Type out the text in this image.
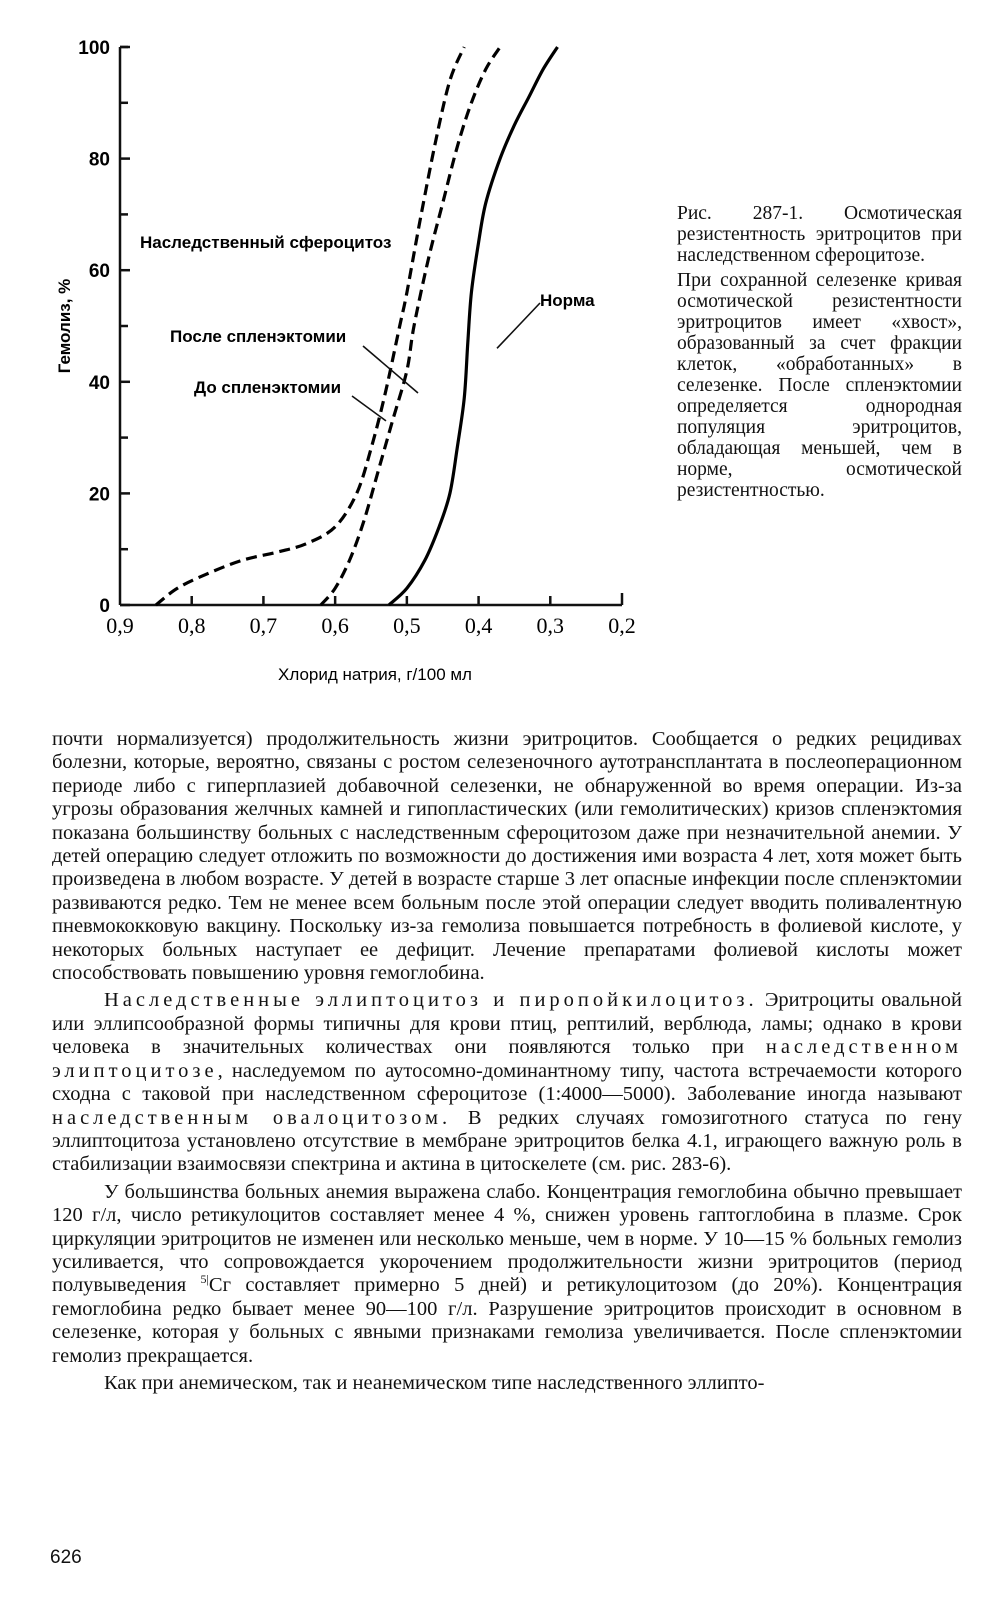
0
20
40
60
80
100
0,9 0,8 0,7 0,6 0,5 0,4 0,3 0,2
Наследственный сфероцитоз
После спленэктомии
До спленэктомии
Норма
Гемолиз, %
Хлорид натрия, г/100 мл

Рис. 287-1. Осмотическая резистентность эритроцитов при наследственном сфероцитозе.

При сохранной селезенке кривая осмотической резистентности эритроцитов имеет «хвост», образованный за счет фракции клеток, «обработанных» в селезенке. После спленэктомии определяется однородная популяция эритроцитов, обладающая меньшей, чем в норме, осмотической резистентностью.

почти нормализуется) продолжительность жизни эритроцитов. Сообщается о редких рецидивах болезни, которые, вероятно, связаны с ростом селезеночного аутотрансплантата в послеоперационном периоде либо с гиперплазией добавочной селезенки, не обнаруженной во время операции. Из-за угрозы образования желчных камней и гипопластических (или гемолитических) кризов спленэктомия показана большинству больных с наследственным сфероцитозом даже при незначительной анемии. У детей операцию следует отложить по возможности до достижения ими возраста 4 лет, хотя может быть произведена в любом возрасте. У детей в возрасте старше 3 лет опасные инфекции после спленэктомии развиваются редко. Тем не менее всем больным после этой операции следует вводить поливалентную пневмококковую вакцину. Поскольку из-за гемолиза повышается потребность в фолиевой кислоте, у некоторых больных наступает ее дефицит. Лечение препаратами фолиевой кислоты может способствовать повышению уровня гемоглобина.

Наследственные эллиптоцитоз и пиропойкилоцитоз. Эритроциты овальной или эллипсообразной формы типичны для крови птиц, рептилий, верблюда, ламы; однако в крови человека в значительных количествах они появляются только при наследственном элиптоцитозе, наследуемом по аутосомно-доминантному типу, частота встречаемости которого сходна с таковой при наследственном сфероцитозе (1:4000—5000). Заболевание иногда называют наследственным овалоцитозом. В редких случаях гомозиготного статуса по гену эллиптоцитоза установлено отсутствие в мембране эритроцитов белка 4.1, играющего важную роль в стабилизации взаимосвязи спектрина и актина в цитоскелете (см. рис. 283-6).

У большинства больных анемия выражена слабо. Концентрация гемоглобина обычно превышает 120 г/л, число ретикулоцитов составляет менее 4 %, снижен уровень гаптоглобина в плазме. Срок циркуляции эритроцитов не изменен или несколько меньше, чем в норме. У 10—15 % больных гемолиз усиливается, что сопровождается укорочением продолжительности жизни эритроцитов (период полувыведения $^{5|}$Сг составляет примерно 5 дней) и ретикулоцитозом (до 20%). Концентрация гемоглобина редко бывает менее 90—100 г/л. Разрушение эритроцитов происходит в основном в селезенке, которая у больных с явными признаками гемолиза увеличивается. После спленэктомии гемолиз прекращается.

Как при анемическом, так и неанемическом типе наследственного эллипто-

626
